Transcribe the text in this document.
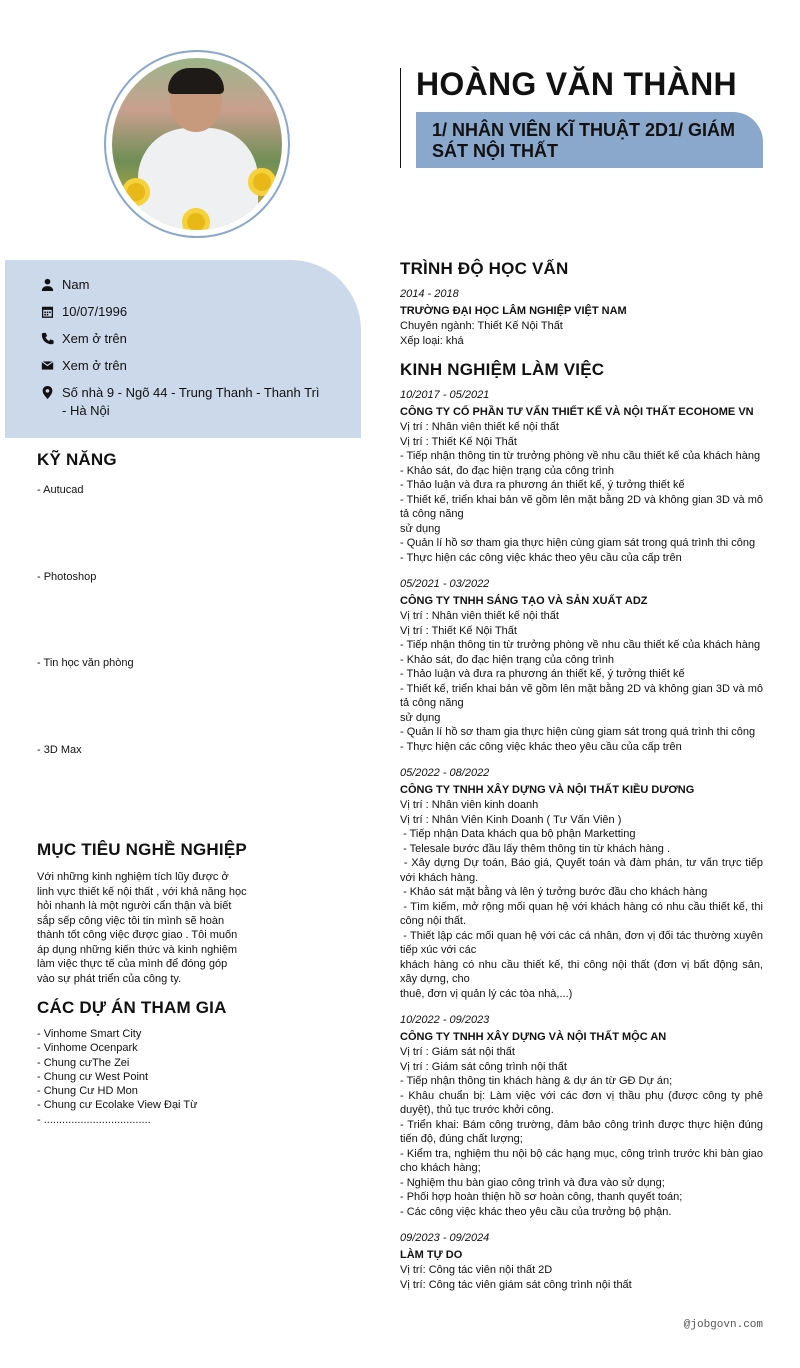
HOÀNG VĂN THÀNH
1/ NHÂN VIÊN KĨ THUẬT 2D1/ GIÁM SÁT NỘI THẤT
Nam
10/07/1996
Xem ở trên
Xem ở trên
Số nhà 9 - Ngõ 44 - Trung Thanh - Thanh Trì - Hà Nội
KỸ NĂNG
- Autucad
- Photoshop
- Tin học văn phòng
- 3D Max
MỤC TIÊU NGHỀ NGHIỆP

Với những kinh nghiệm tích lũy được ở linh vực thiết kế nội thất , với khả năng học hỏi nhanh là một người cẩn thận và biết sắp sếp công việc tôi tin mình sẽ hoàn thành tốt công việc được giao . Tôi muốn áp dụng những kiến thức và kinh nghiệm làm việc thực tế của mình để đóng góp vào sự phát triển của công ty.

CÁC DỰ ÁN THAM GIA
- Vinhome Smart City
- Vinhome Ocenpark
- Chung cưThe Zei
- Chung cư West Point
- Chung Cư HD Mon
- Chung cư Ecolake View Đại Từ
- ...................................
TRÌNH ĐỘ HỌC VẤN
2014 - 2018
TRƯỜNG ĐẠI HỌC LÂM NGHIỆP VIỆT NAM
Chuyên ngành: Thiết Kế Nội Thất
Xếp loại: khá
KINH NGHIỆM LÀM VIỆC
10/2017 - 05/2021
CÔNG TY CỔ PHẦN TƯ VẤN THIẾT KẾ VÀ NỘI THẤT ECOHOME VN
Vị trí : Nhân viên thiết kế nội thất
Vị trí : Thiết Kế Nội Thất
- Tiếp nhận thông tin từ trưởng phòng về nhu cầu thiết kế của khách hàng
- Khảo sát, đo đạc hiện trạng của công trình
- Thảo luận và đưa ra phương án thiết kế, ý tưởng thiết kế
- Thiết kế, triển khai bản vẽ gồm lên mặt bằng 2D và không gian 3D và mô tả công năng
sử dụng
- Quản lí hồ sơ tham gia thực hiện cùng giam sát trong quá trình thi công
- Thực hiện các công việc khác theo yêu cầu của cấp trên
05/2021 - 03/2022
CÔNG TY TNHH SÁNG TẠO VÀ SẢN XUẤT ADZ
Vị trí : Nhân viên thiết kế nội thất
Vị trí : Thiết Kế Nội Thất
- Tiếp nhận thông tin từ trưởng phòng về nhu cầu thiết kế của khách hàng
- Khảo sát, đo đạc hiện trạng của công trình
- Thảo luận và đưa ra phương án thiết kế, ý tưởng thiết kế
- Thiết kế, triển khai bản vẽ gồm lên mặt bằng 2D và không gian 3D và mô tả công năng
sử dụng
- Quản lí hồ sơ tham gia thực hiện cùng giam sát trong quá trình thi công
- Thực hiện các công việc khác theo yêu cầu của cấp trên
05/2022 - 08/2022
CÔNG TY TNHH XÂY DỰNG VÀ NỘI THẤT KIỀU DƯƠNG
Vị trí : Nhân viên kinh doanh
Vị trí : Nhân Viên Kinh Doanh ( Tư Vấn Viên )
- Tiếp nhận Data khách qua bộ phận Marketting
- Telesale bước đầu lấy thêm thông tin từ khách hàng .
- Xây dựng Dự toán, Báo giá, Quyết toán và đàm phán, tư vấn trực tiếp với khách hàng.
- Khảo sát mặt bằng và lên ý tưởng bước đầu cho khách hàng
- Tìm kiếm, mở rộng mối quan hệ với khách hàng có nhu cầu thiết kế, thi công nội thất.
- Thiết lập các mối quan hệ với các cá nhân, đơn vị đối tác thường xuyên tiếp xúc với các
khách hàng có nhu cầu thiết kế, thi công nội thất (đơn vị bất động sản, xây dựng, cho
thuê, đơn vị quản lý các tòa nhà,...)
10/2022 - 09/2023
CÔNG TY TNHH XÂY DỰNG VÀ NỘI THẤT MỘC AN
Vị trí : Giám sát nội thất
Vị trí : Giám sát công trình nội thất
- Tiếp nhận thông tin khách hàng & dự án từ GĐ Dự án;
- Khâu chuẩn bị: Làm việc với các đơn vị thầu phụ (được công ty phê duyệt), thủ tục trước khởi công.
- Triển khai: Bám công trường, đảm bảo công trình được thực hiện đúng tiến độ, đúng chất lượng;
- Kiểm tra, nghiệm thu nội bộ các hạng mục, công trình trước khi bàn giao cho khách hàng;
- Nghiệm thu bàn giao công trình và đưa vào sử dụng;
- Phối hợp hoàn thiện hồ sơ hoàn công, thanh quyết toán;
- Các công việc khác theo yêu cầu của trưởng bộ phận.
09/2023 - 09/2024
LÀM TỰ DO
Vị trí: Công tác viên nội thất 2D
Vị trí: Công tác viên giám sát công trình nội thất
@jobgovn.com
